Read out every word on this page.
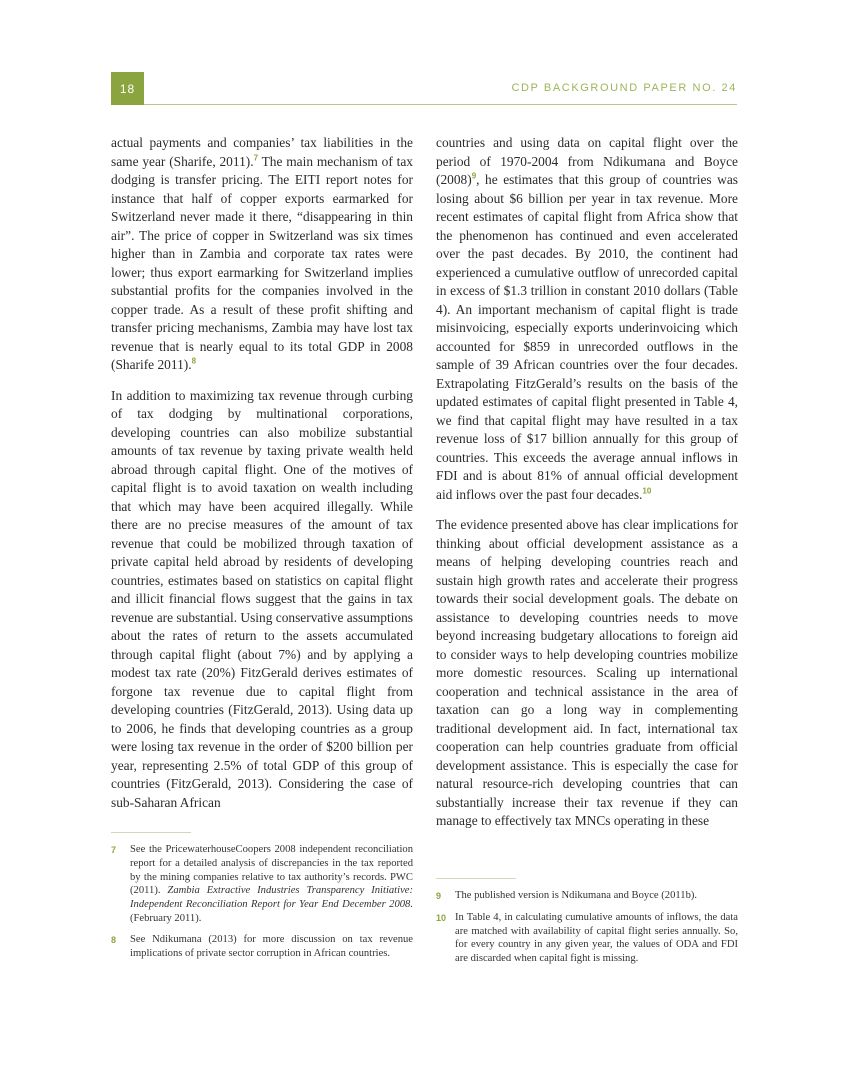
18	CDP BACKGROUND PAPER NO. 24

actual payments and companies’ tax liabilities in the same year (Sharife, 2011).$^7$ The main mechanism of tax dodging is transfer pricing. The EITI report notes for instance that half of copper exports earmarked for Switzerland never made it there, “disappearing in thin air”. The price of copper in Switzerland was six times higher than in Zambia and corporate tax rates were lower; thus export earmarking for Switzerland implies substantial profits for the companies involved in the copper trade. As a result of these profit shifting and transfer pricing mechanisms, Zambia may have lost tax revenue that is nearly equal to its total GDP in 2008 (Sharife 2011).$^8$

In addition to maximizing tax revenue through curbing of tax dodging by multinational corporations, developing countries can also mobilize substantial amounts of tax revenue by taxing private wealth held abroad through capital flight. One of the motives of capital flight is to avoid taxation on wealth including that which may have been acquired illegally. While there are no precise measures of the amount of tax revenue that could be mobilized through taxation of private capital held abroad by residents of developing countries, estimates based on statistics on capital flight and illicit financial flows suggest that the gains in tax revenue are substantial. Using conservative assumptions about the rates of return to the assets accumulated through capital flight (about 7%) and by applying a modest tax rate (20%) FitzGerald derives estimates of forgone tax revenue due to capital flight from developing countries (FitzGerald, 2013). Using data up to 2006, he finds that developing countries as a group were losing tax revenue in the order of $200 billion per year, representing 2.5% of total GDP of this group of countries (FitzGerald, 2013). Considering the case of sub-Saharan African

countries and using data on capital flight over the period of 1970-2004 from Ndikumana and Boyce (2008)$^9$, he estimates that this group of countries was losing about $6 billion per year in tax revenue. More recent estimates of capital flight from Africa show that the phenomenon has continued and even accelerated over the past decades. By 2010, the continent had experienced a cumulative outflow of unrecorded capital in excess of $1.3 trillion in constant 2010 dollars (Table 4). An important mechanism of capital flight is trade misinvoicing, especially exports underinvoicing which accounted for $859 in unrecorded outflows in the sample of 39 African countries over the four decades. Extrapolating FitzGerald’s results on the basis of the updated estimates of capital flight presented in Table 4, we find that capital flight may have resulted in a tax revenue loss of $17 billion annually for this group of countries. This exceeds the average annual inflows in FDI and is about 81% of annual official development aid inflows over the past four decades.$^{10}$

The evidence presented above has clear implications for thinking about official development assistance as a means of helping developing countries reach and sustain high growth rates and accelerate their progress towards their social development goals. The debate on assistance to developing countries needs to move beyond increasing budgetary allocations to foreign aid to consider ways to help developing countries mobilize more domestic resources. Scaling up international cooperation and technical assistance in the area of taxation can go a long way in complementing traditional development aid. In fact, international tax cooperation can help countries graduate from official development assistance. This is especially the case for natural resource-rich developing countries that can substantially increase their tax revenue if they can manage to effectively tax MNCs operating in these

7	See the PricewaterhouseCoopers 2008 independent reconciliation report for a detailed analysis of discrepancies in the tax reported by the mining companies relative to tax authority’s records. PWC (2011). Zambia Extractive Industries Transparency Initiative: Independent Reconciliation Report for Year End December 2008. (February 2011).
8	See Ndikumana (2013) for more discussion on tax revenue implications of private sector corruption in African countries.
9	The published version is Ndikumana and Boyce (2011b).
10 In Table 4, in calculating cumulative amounts of inflows, the data are matched with availability of capital flight series annually. So, for every country in any given year, the values of ODA and FDI are discarded when capital fight is missing.
